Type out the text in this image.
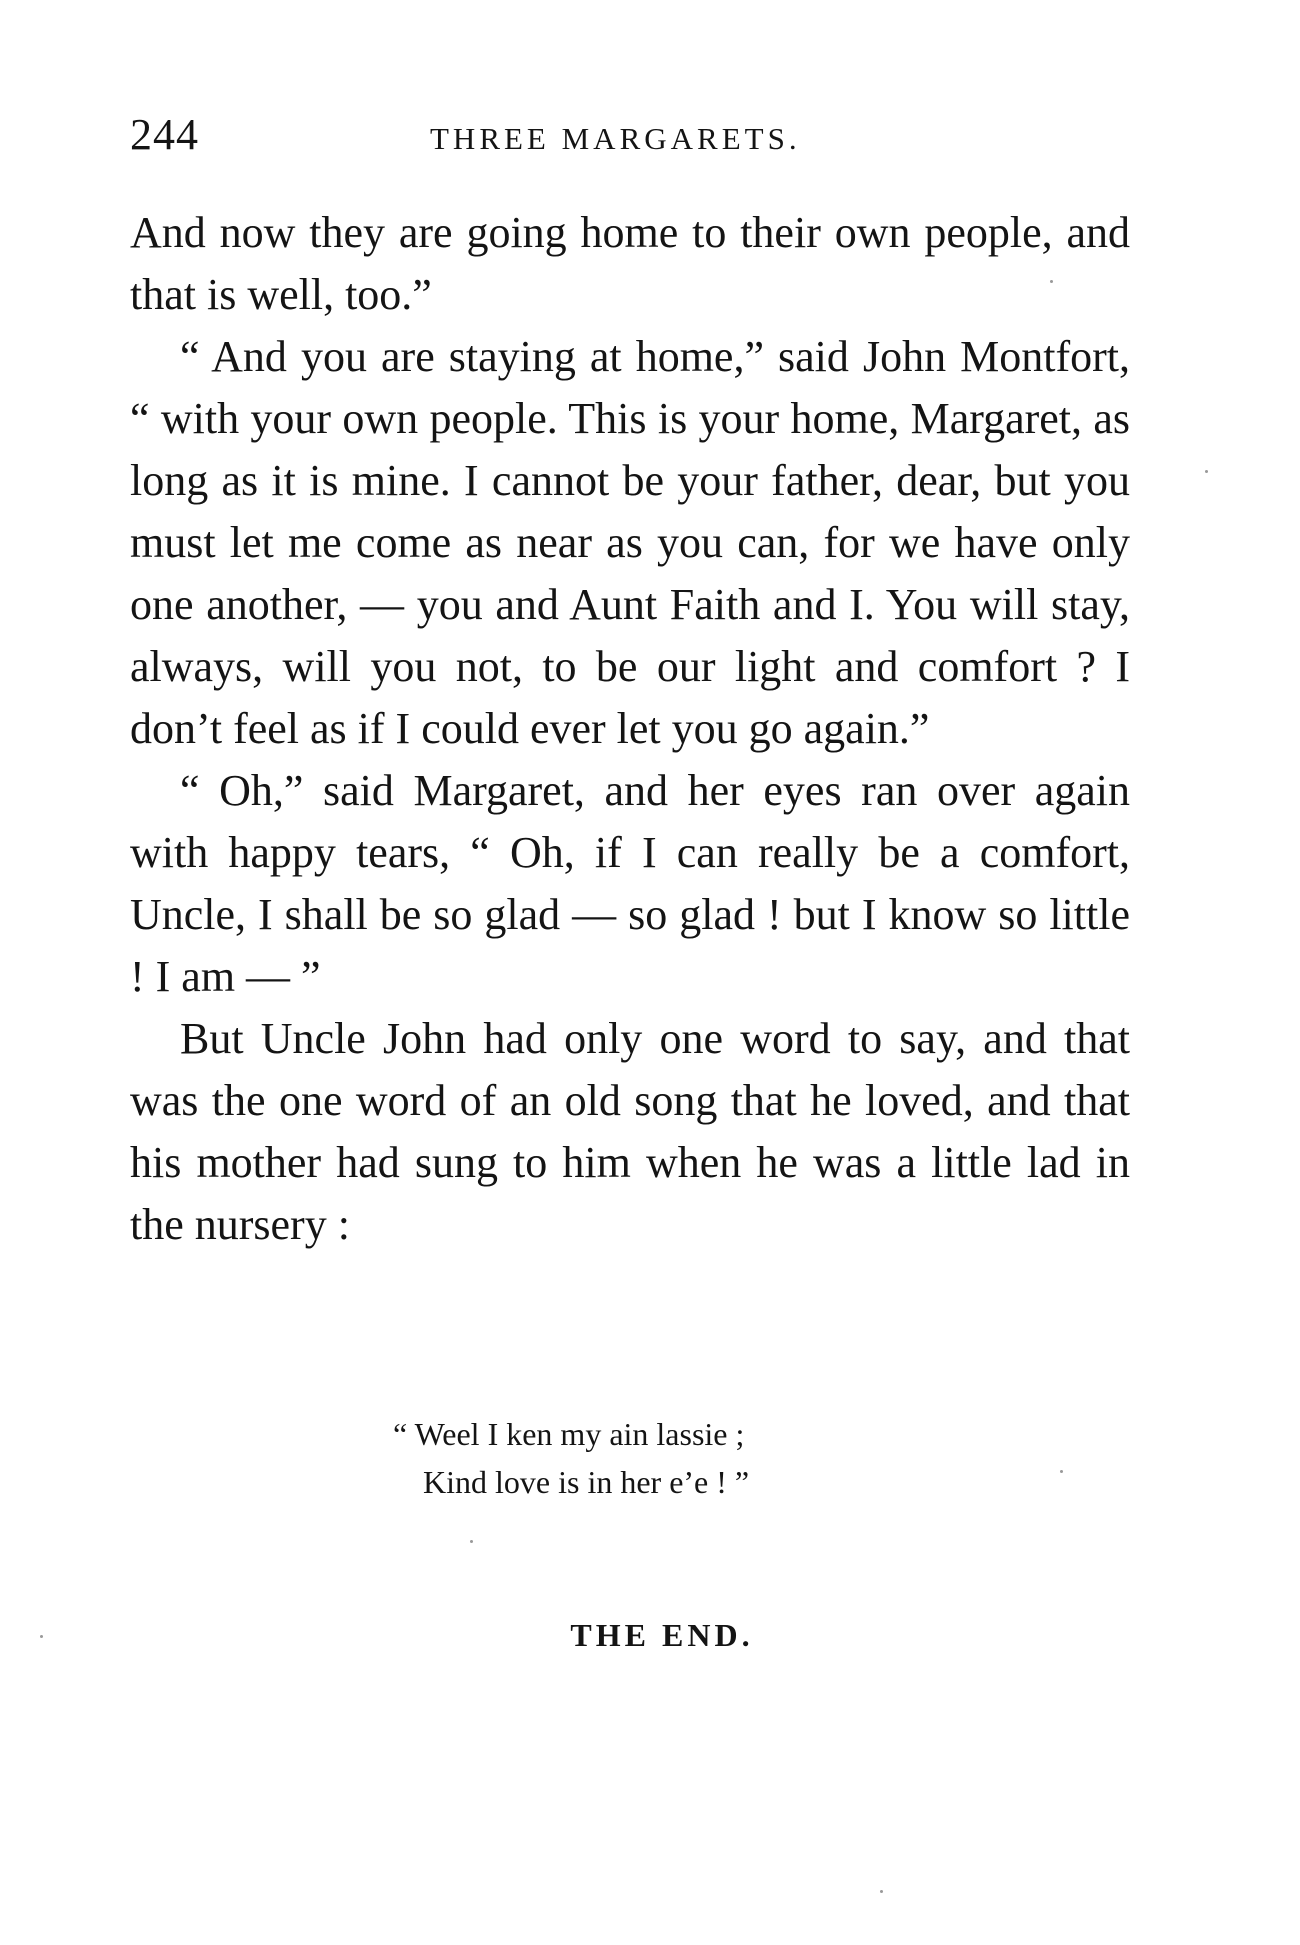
244	THREE MARGARETS.

And now they are going home to their own people, and that is well, too.”

“ And you are staying at home,” said John Montfort, “ with your own people. This is your home, Margaret, as long as it is mine. I cannot be your father, dear, but you must let me come as near as you can, for we have only one another, — you and Aunt Faith and I. You will stay, always, will you not, to be our light and comfort ? I don’t feel as if I could ever let you go again.”

“ Oh,” said Margaret, and her eyes ran over again with happy tears, “ Oh, if I can really be a comfort, Uncle, I shall be so glad — so glad ! but I know so little ! I am — ”

But Uncle John had only one word to say, and that was the one word of an old song that he loved, and that his mother had sung to him when he was a little lad in the nursery :

“ Weel I ken my ain lassie ;
Kind love is in her e’e ! ”
THE END.
